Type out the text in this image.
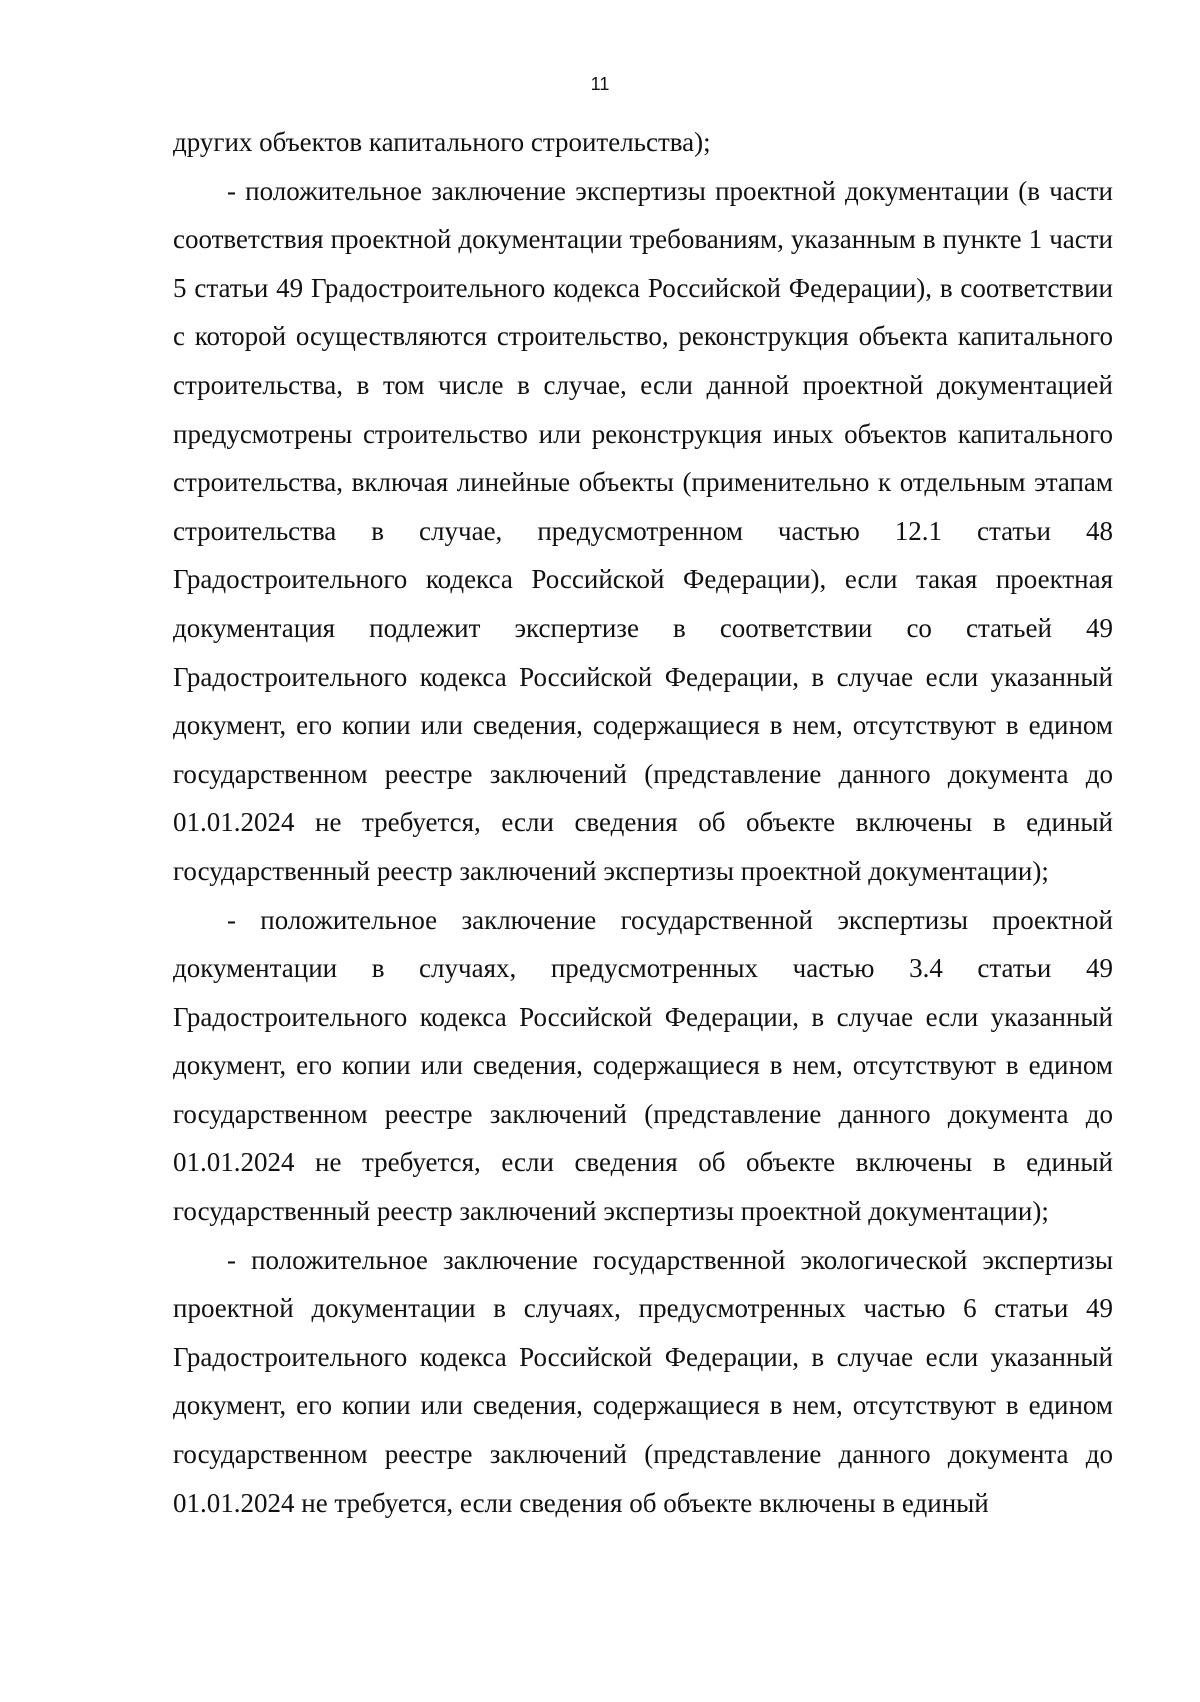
11

других объектов капитального строительства);

- положительное заключение экспертизы проектной документации (в части соответствия проектной документации требованиям, указанным в пункте 1 части 5 статьи 49 Градостроительного кодекса Российской Федерации), в соответствии с которой осуществляются строительство, реконструкция объекта капитального строительства, в том числе в случае, если данной проектной документацией предусмотрены строительство или реконструкция иных объектов капитального строительства, включая линейные объекты (применительно к отдельным этапам строительства в случае, предусмотренном частью 12.1 статьи 48 Градостроительного кодекса Российской Федерации), если такая проектная документация подлежит экспертизе в соответствии со статьей 49 Градостроительного кодекса Российской Федерации, в случае если указанный документ, его копии или сведения, содержащиеся в нем, отсутствуют в едином государственном реестре заключений (представление данного документа до 01.01.2024 не требуется, если сведения об объекте включены в единый государственный реестр заключений экспертизы проектной документации);

- положительное заключение государственной экспертизы проектной документации в случаях, предусмотренных частью 3.4 статьи 49 Градостроительного кодекса Российской Федерации, в случае если указанный документ, его копии или сведения, содержащиеся в нем, отсутствуют в едином государственном реестре заключений (представление данного документа до 01.01.2024 не требуется, если сведения об объекте включены в единый государственный реестр заключений экспертизы проектной документации);

- положительное заключение государственной экологической экспертизы проектной документации в случаях, предусмотренных частью 6 статьи 49 Градостроительного кодекса Российской Федерации, в случае если указанный документ, его копии или сведения, содержащиеся в нем, отсутствуют в едином государственном реестре заключений (представление данного документа до 01.01.2024 не требуется, если сведения об объекте включены в единый
